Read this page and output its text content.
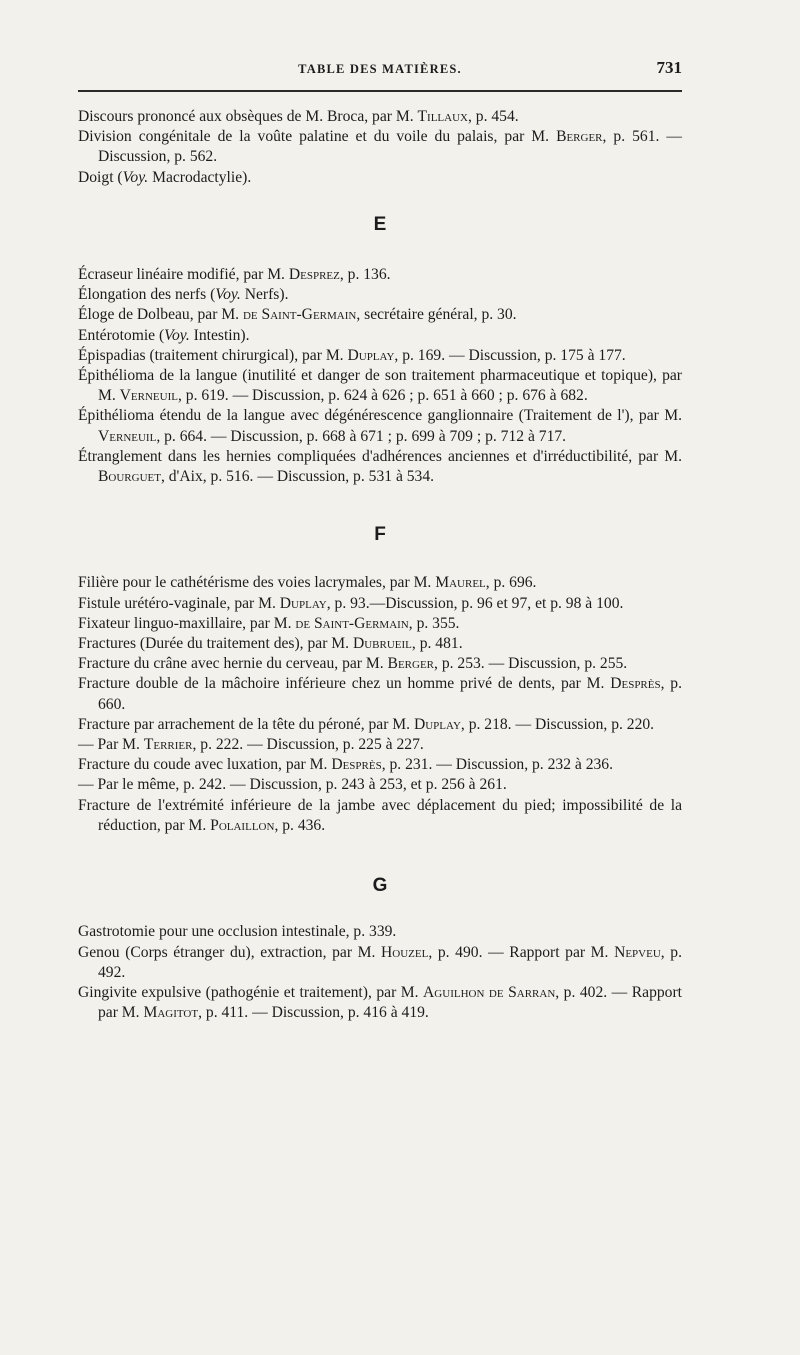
TABLE DES MATIÈRES.	731

Discours prononcé aux obsèques de M. Broca, par M. Tillaux, p. 454.

Division congénitale de la voûte palatine et du voile du palais, par M. Berger, p. 561. — Discussion, p. 562.

Doigt (Voy. Macrodactylie).

E

Écraseur linéaire modifié, par M. Desprez, p. 136.

Élongation des nerfs (Voy. Nerfs).

Éloge de Dolbeau, par M. de Saint-Germain, secrétaire général, p. 30.

Entérotomie (Voy. Intestin).

Épispadias (traitement chirurgical), par M. Duplay, p. 169. — Discussion, p. 175 à 177.

Épithélioma de la langue (inutilité et danger de son traitement pharmaceutique et topique), par M. Verneuil, p. 619. — Discussion, p. 624 à 626 ; p. 651 à 660 ; p. 676 à 682.

Épithélioma étendu de la langue avec dégénérescence ganglionnaire (Traitement de l'), par M. Verneuil, p. 664. — Discussion, p. 668 à 671 ; p. 699 à 709 ; p. 712 à 717.

Étranglement dans les hernies compliquées d'adhérences anciennes et d'irréductibilité, par M. Bourguet, d'Aix, p. 516. — Discussion, p. 531 à 534.

F

Filière pour le cathétérisme des voies lacrymales, par M. Maurel, p. 696.

Fistule urétéro-vaginale, par M. Duplay, p. 93.—Discussion, p. 96 et 97, et p. 98 à 100.

Fixateur linguo-maxillaire, par M. de Saint-Germain, p. 355.

Fractures (Durée du traitement des), par M. Dubrueil, p. 481.

Fracture du crâne avec hernie du cerveau, par M. Berger, p. 253. — Discussion, p. 255.

Fracture double de la mâchoire inférieure chez un homme privé de dents, par M. Desprès, p. 660.

Fracture par arrachement de la tête du péroné, par M. Duplay, p. 218. — Discussion, p. 220.

— Par M. Terrier, p. 222. — Discussion, p. 225 à 227.

Fracture du coude avec luxation, par M. Desprès, p. 231. — Discussion, p. 232 à 236.

— Par le même, p. 242. — Discussion, p. 243 à 253, et p. 256 à 261.

Fracture de l'extrémité inférieure de la jambe avec déplacement du pied; impossibilité de la réduction, par M. Polaillon, p. 436.

G

Gastrotomie pour une occlusion intestinale, p. 339.

Genou (Corps étranger du), extraction, par M. Houzel, p. 490. — Rapport par M. Nepveu, p. 492.

Gingivite expulsive (pathogénie et traitement), par M. Aguilhon de Sarran, p. 402. — Rapport par M. Magitot, p. 411. — Discussion, p. 416 à 419.
